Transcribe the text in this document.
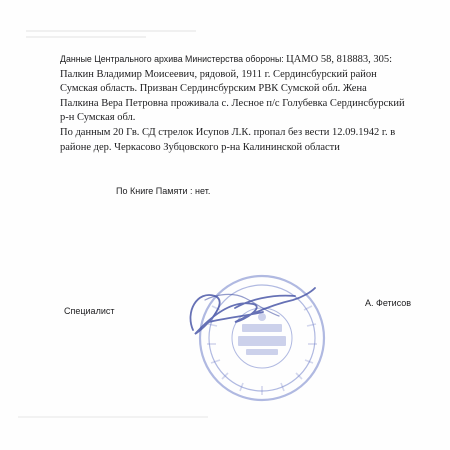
Данные Центрального архива Министерства обороны: ЦАМО 58, 818883, 305:
Палкин Владимир Моисеевич, рядовой, 1911 г. Сердинсбурский район
Сумская область. Призван Сердинсбурским РВК Сумской обл. Жена
Палкина Вера Петровна проживала с. Лесное п/с Голубевка Сердинсбурский
р-н Сумская обл.
По данным 20 Гв. СД стрелок Исупов Л.К. пропал без вести 12.09.1942 г. в
районе дер. Черкасово Зубцовского р-на Калининской области
По Книге Памяти : нет.
Специалист
А. Фетисов
